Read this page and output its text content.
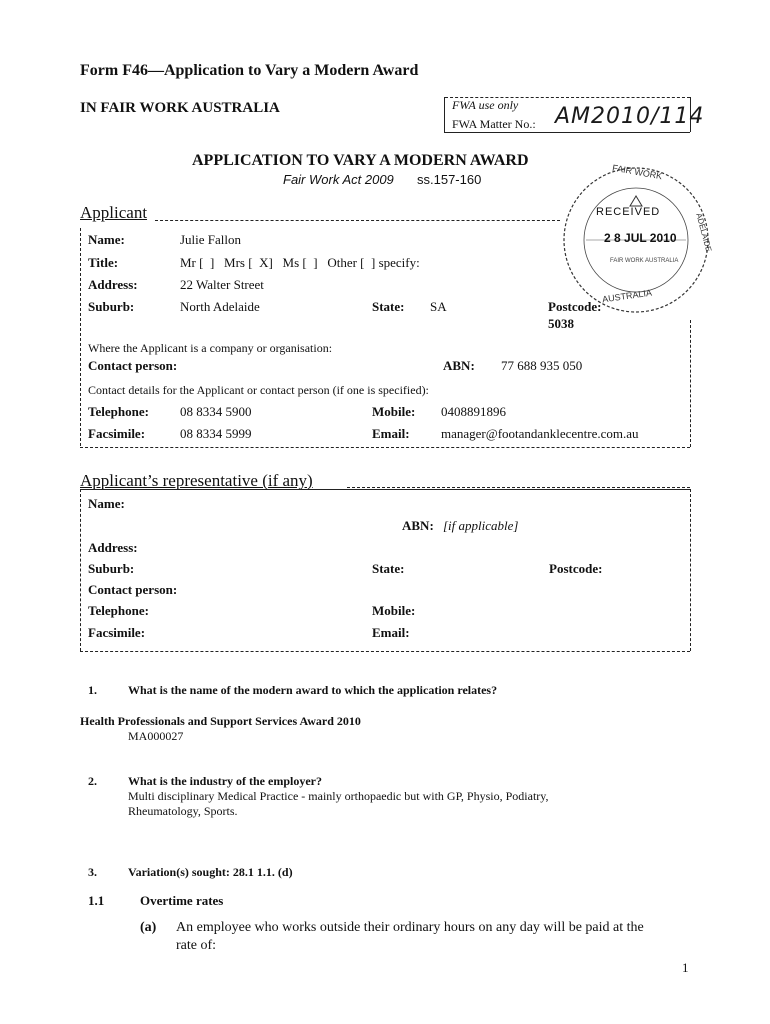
Form F46—Application to Vary a Modern Award
IN FAIR WORK AUSTRALIA	FWA use only
FWA Matter No.: AM2010/114
APPLICATION TO VARY A MODERN AWARD
Fair Work Act 2009 ss.157-160
RECEIVED
2 8 JUL 2010
FAIR WORK AUSTRALIA
FAIR WORK
AUSTRALIA
ADELAIDE
Applicant
Name:	Julie Fallon
Title:	Mr [  ]   Mrs [  X]   Ms [  ]   Other [  ] specify:
Address:	22 Walter Street
Suburb:	North Adelaide	State: SA	Postcode:
5038
Where the Applicant is a company or organisation:
Contact person:	ABN: 77 688 935 050
Contact details for the Applicant or contact person (if one is specified):
Telephone: 08 8334 5900	Mobile: 0408891896
Facsimile:	08 8334 5999	Email: manager@footandanklecentre.com.au
Applicant’s representative (if any)
Name:
ABN: [if applicable]
Address:
Suburb:	State:	Postcode:
Contact person:
Telephone:	Mobile:
Facsimile:	Email:
1.	What is the name of the modern award to which the application relates?
Health Professionals and Support Services Award 2010
MA000027
2.	What is the industry of the employer?
Multi disciplinary Medical Practice - mainly orthopaedic but with GP, Physio, Podiatry,
Rheumatology, Sports.
3.	Variation(s) sought: 28.1 1.1. (d)
1.1	Overtime rates
(a) An employee who works outside their ordinary hours on any day will be paid at the
rate of:
1
